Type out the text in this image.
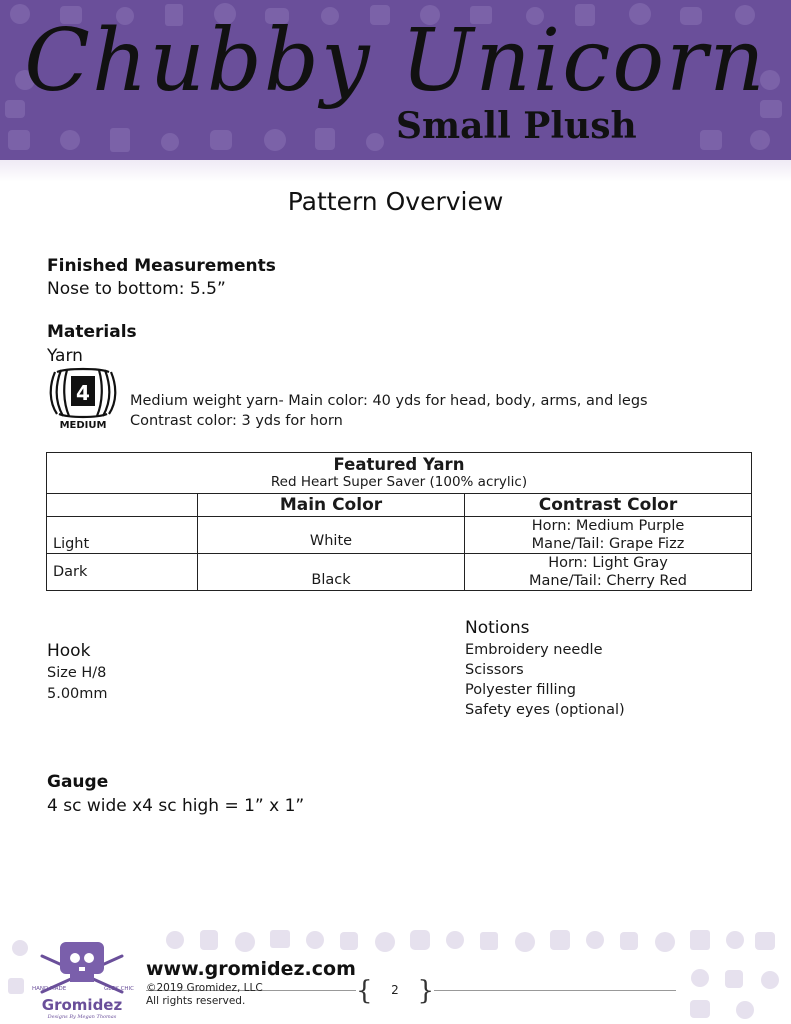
Chubby Unicorn
Small Plush
Pattern Overview
Finished Measurements
Nose to bottom: 5.5”
Materials
Yarn
4
MEDIUM
Medium weight yarn- Main color: 40 yds for head, body, arms, and legs
Contrast color: 3 yds for horn
Featured Yarn
Red Heart Super Saver (100% acrylic)		

	Main Color	Contrast Color
Light	White	Horn: Medium Purple
Mane/Tail: Grape Fizz

Dark	Black	Horn: Light Gray
Mane/Tail: Cherry Red
Hook
Size H/8
5.00mm
Notions
Embroidery needle
Scissors
Polyester filling
Safety eyes (optional)
Gauge
4 sc wide x4 sc high = 1” x 1”
HAND MADE	GEEK CHIC
Gromidez
Designs By Megan Thomas
www.gromidez.com
©2019 Gromidez, LLC
All rights reserved.	{	2 }
